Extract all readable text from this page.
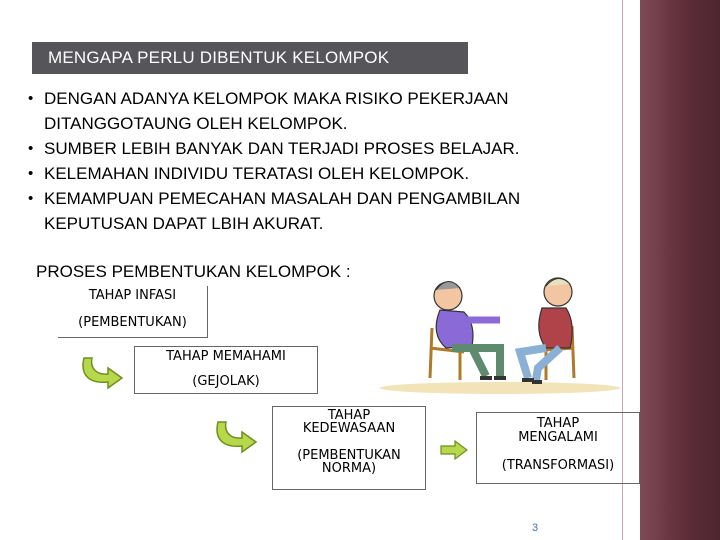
MENGAPA PERLU DIBENTUK KELOMPOK
• DENGAN ADANYA KELOMPOK MAKA RISIKO PEKERJAAN
DITANGGOTAUNG OLEH KELOMPOK.
• SUMBER LEBIH BANYAK DAN TERJADI PROSES BELAJAR.
• KELEMAHAN INDIVIDU TERATASI OLEH KELOMPOK.
• KEMAMPUAN PEMECAHAN MASALAH DAN PENGAMBILAN
KEPUTUSAN DAPAT LBIH AKURAT.
PROSES PEMBENTUKAN KELOMPOK :
TAHAP INFASI
(PEMBENTUKAN)
TAHAP MEMAHAMI
(GEJOLAK)
TAHAP
KEDEWASAAN
(PEMBENTUKAN
NORMA)
TAHAP
MENGALAMI
(TRANSFORMASI)
3
